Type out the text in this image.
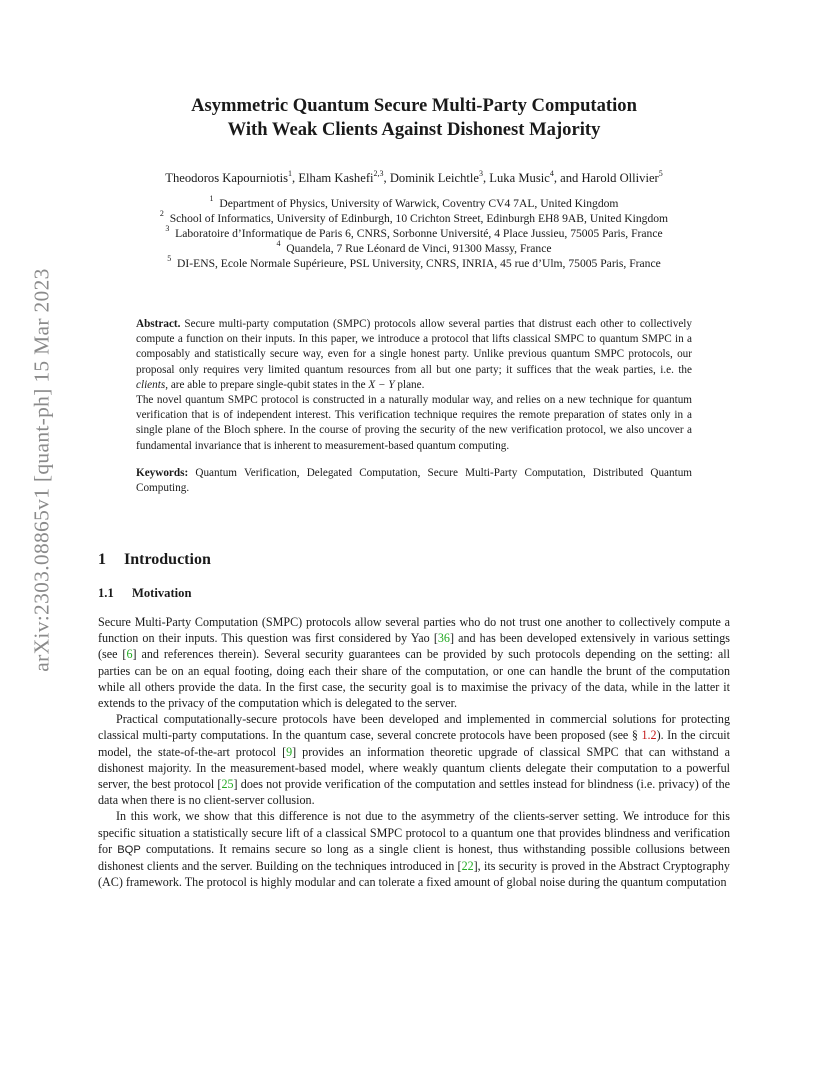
arXiv:2303.08865v1 [quant-ph] 15 Mar 2023
Asymmetric Quantum Secure Multi-Party Computation
With Weak Clients Against Dishonest Majority
Theodoros Kapourniotis$^1$, Elham Kashefi$^{2,3}$, Dominik Leichtle$^3$, Luka Music$^4$, and Harold Ollivier$^5$
$^1$ Department of Physics, University of Warwick, Coventry CV4 7AL, United Kingdom
$^2$ School of Informatics, University of Edinburgh, 10 Crichton Street, Edinburgh EH8 9AB, United Kingdom
$^3$ Laboratoire d’Informatique de Paris 6, CNRS, Sorbonne Université, 4 Place Jussieu, 75005 Paris, France
$^4$ Quandela, 7 Rue Léonard de Vinci, 91300 Massy, France
$^5$ DI-ENS, Ecole Normale Supérieure, PSL University, CNRS, INRIA, 45 rue d’Ulm, 75005 Paris, France

Abstract. Secure multi-party computation (SMPC) protocols allow several parties that distrust each other to collectively compute a function on their inputs. In this paper, we introduce a protocol that lifts classical SMPC to quantum SMPC in a composably and statistically secure way, even for a single honest party. Unlike previous quantum SMPC protocols, our proposal only requires very limited quantum resources from all but one party; it suffices that the weak parties, i.e. the clients, are able to prepare single-qubit states in the X − Y plane.

The novel quantum SMPC protocol is constructed in a naturally modular way, and relies on a new technique for quantum verification that is of independent interest. This verification technique requires the remote preparation of states only in a single plane of the Bloch sphere. In the course of proving the security of the new verification protocol, we also uncover a fundamental invariance that is inherent to measurement-based quantum computing.

Keywords: Quantum Verification, Delegated Computation, Secure Multi-Party Computation, Distributed Quantum Computing.

1 Introduction
1.1 Motivation

Secure Multi-Party Computation (SMPC) protocols allow several parties who do not trust one another to collectively compute a function on their inputs. This question was first considered by Yao [36] and has been developed extensively in various settings (see [6] and references therein). Several security guarantees can be provided by such protocols depending on the setting: all parties can be on an equal footing, doing each their share of the computation, or one can handle the brunt of the computation while all others provide the data. In the first case, the security goal is to maximise the privacy of the data, while in the latter it extends to the privacy of the computation which is delegated to the server.

Practical computationally-secure protocols have been developed and implemented in commercial solutions for protecting classical multi-party computations. In the quantum case, several concrete protocols have been proposed (see § 1.2). In the circuit model, the state-of-the-art protocol [9] provides an information theoretic upgrade of classical SMPC that can withstand a dishonest majority. In the measurement-based model, where weakly quantum clients delegate their computation to a powerful server, the best protocol [25] does not provide verification of the computation and settles instead for blindness (i.e. privacy) of the data when there is no client-server collusion.

In this work, we show that this difference is not due to the asymmetry of the clients-server setting. We introduce for this specific situation a statistically secure lift of a classical SMPC protocol to a quantum one that provides blindness and verification for BQP computations. It remains secure so long as a single client is honest, thus withstanding possible collusions between dishonest clients and the server. Building on the techniques introduced in [22], its security is proved in the Abstract Cryptography (AC) framework. The protocol is highly modular and can tolerate a fixed amount of global noise during the quantum computation
